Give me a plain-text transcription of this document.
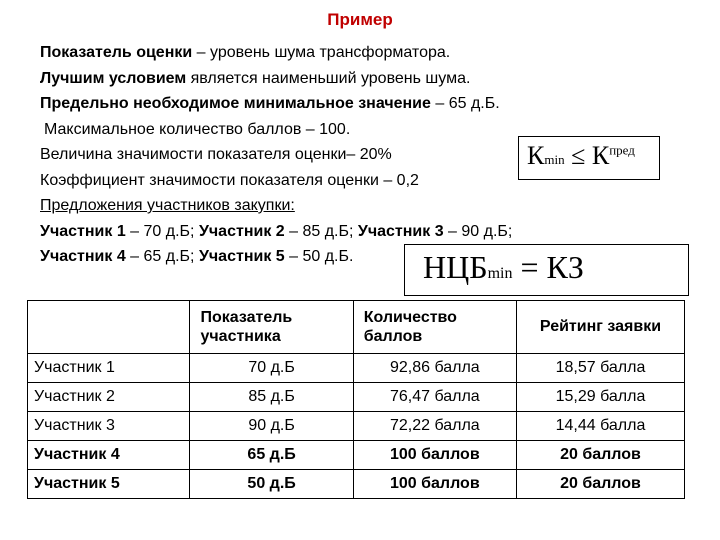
Пример
Показатель оценки – уровень шума трансформатора.
Лучшим условием является наименьший уровень шума.
Предельно необходимое минимальное значение – 65 д.Б.
Максимальное количество баллов – 100.
Величина значимости показателя оценки– 20%
Коэффициент значимости показателя оценки – 0,2
Предложения участников закупки:
Участник 1 – 70 д.Б; Участник 2 – 85 д.Б; Участник 3 – 90 д.Б;
Участник 4 – 65 д.Б; Участник 5 – 50 д.Б.
$К\min \le К^{пред}$
НЦБmin = КЗ
	Показатель участника	Количество баллов	Рейтинг заявки
Участник 1	70 д.Б	92,86 балла	18,57 балла
Участник 2	85 д.Б	76,47 балла	15,29 балла
Участник 3	90 д.Б	72,22 балла	14,44 балла
Участник 4	65 д.Б	100 баллов	20 баллов
Участник 5	50 д.Б	100 баллов	20 баллов
